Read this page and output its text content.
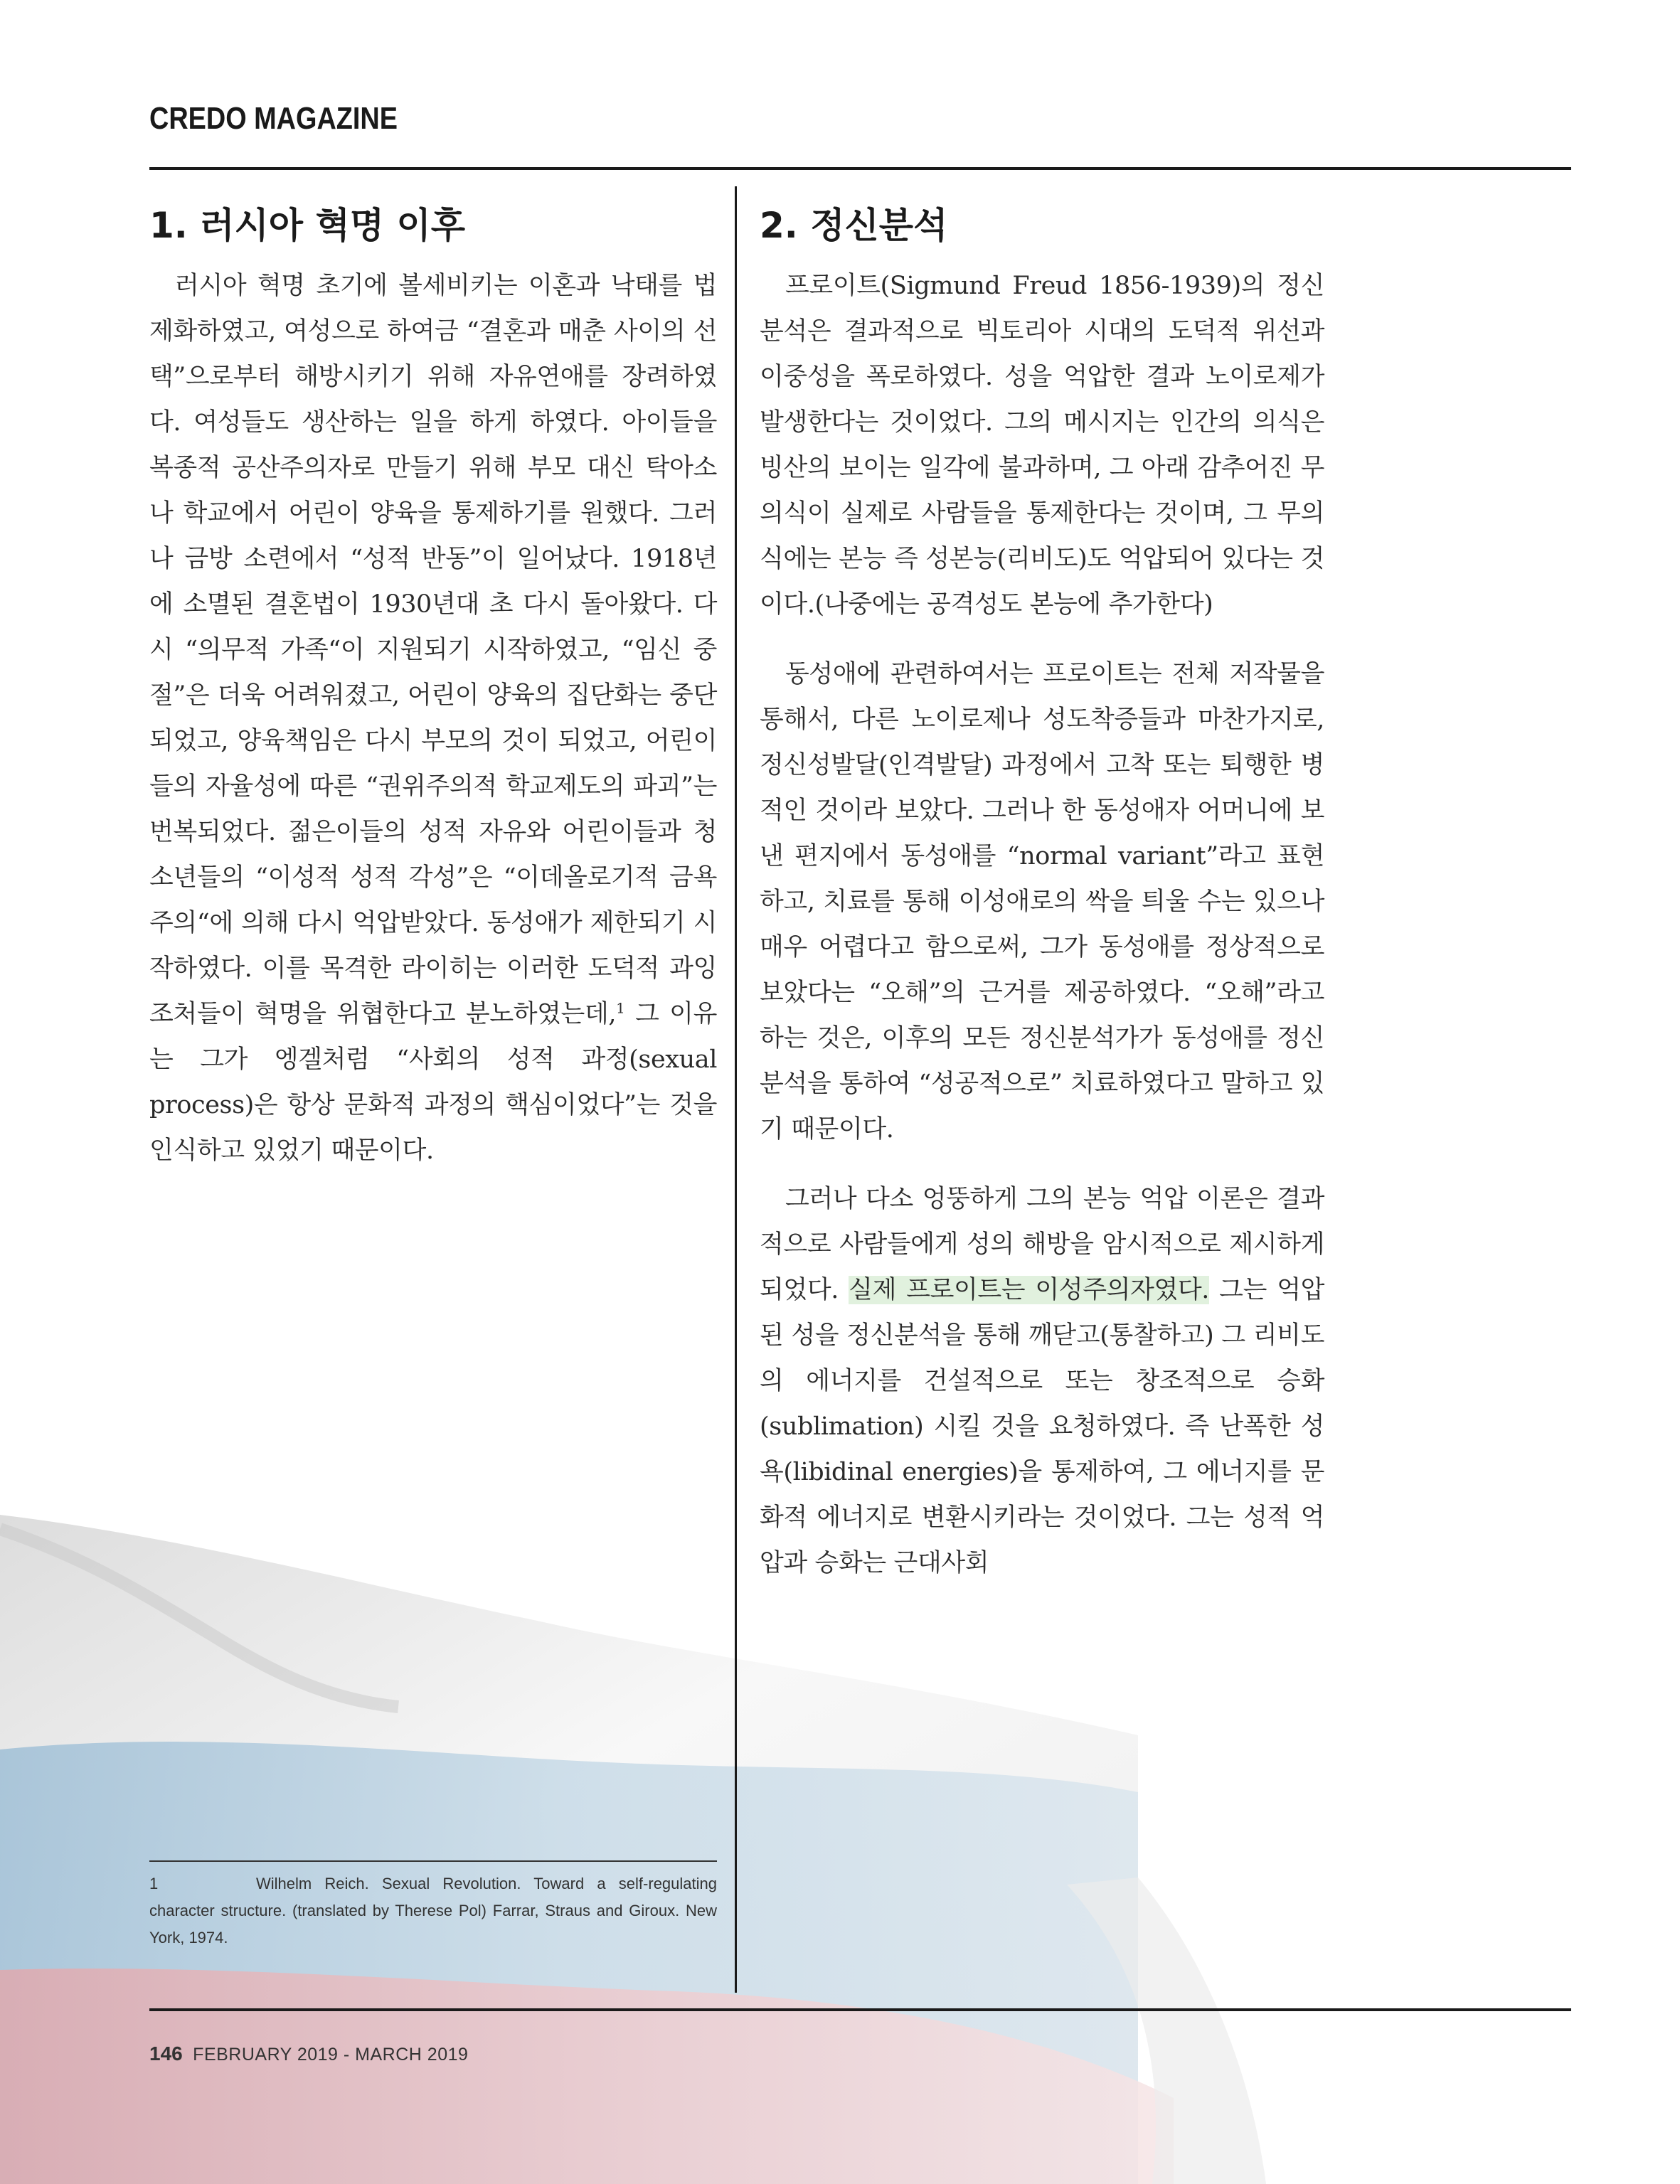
CREDO MAGAZINE
1. 러시아 혁명 이후

러시아 혁명 초기에 볼세비키는 이혼과 낙태를 법제화하였고, 여성으로 하여금 “결혼과 매춘 사이의 선택”으로부터 해방시키기 위해 자유연애를 장려하였다. 여성들도 생산하는 일을 하게 하였다. 아이들을 복종적 공산주의자로 만들기 위해 부모 대신 탁아소나 학교에서 어린이 양육을 통제하기를 원했다. 그러나 금방 소련에서 “성적 반동”이 일어났다. 1918년에 소멸된 결혼법이 1930년대 초 다시 돌아왔다. 다시 “의무적 가족“이 지원되기 시작하였고, “임신 중절”은 더욱 어려워졌고, 어린이 양육의 집단화는 중단되었고, 양육책임은 다시 부모의 것이 되었고, 어린이들의 자율성에 따른 “권위주의적 학교제도의 파괴”는 번복되었다. 젊은이들의 성적 자유와 어린이들과 청소년들의 “이성적 성적 각성”은 “이데올로기적 금욕주의“에 의해 다시 억압받았다. 동성애가 제한되기 시작하였다. 이를 목격한 라이히는 이러한 도덕적 과잉 조처들이 혁명을 위협한다고 분노하였는데,$^1$ 그 이유는 그가 엥겔처럼 “사회의 성적 과정(sexual process)은 항상 문화적 과정의 핵심이었다”는 것을 인식하고 있었기 때문이다.

2. 정신분석

프로이트(Sigmund Freud 1856-1939)의 정신분석은 결과적으로 빅토리아 시대의 도덕적 위선과 이중성을 폭로하였다. 성을 억압한 결과 노이로제가 발생한다는 것이었다. 그의 메시지는 인간의 의식은 빙산의 보이는 일각에 불과하며, 그 아래 감추어진 무의식이 실제로 사람들을 통제한다는 것이며, 그 무의식에는 본능 즉 성본능(리비도)도 억압되어 있다는 것이다.(나중에는 공격성도 본능에 추가한다)

동성애에 관련하여서는 프로이트는 전체 저작물을 통해서, 다른 노이로제나 성도착증들과 마찬가지로, 정신성발달(인격발달) 과정에서 고착 또는 퇴행한 병적인 것이라 보았다. 그러나 한 동성애자 어머니에 보낸 편지에서 동성애를 “normal variant”라고 표현하고, 치료를 통해 이성애로의 싹을 틔울 수는 있으나 매우 어렵다고 함으로써, 그가 동성애를 정상적으로 보았다는 “오해”의 근거를 제공하였다. “오해”라고 하는 것은, 이후의 모든 정신분석가가 동성애를 정신분석을 통하여 “성공적으로” 치료하였다고 말하고 있기 때문이다.

그러나 다소 엉뚱하게 그의 본능 억압 이론은 결과적으로 사람들에게 성의 해방을 암시적으로 제시하게 되었다. 실제 프로이트는 이성주의자였다. 그는 억압된 성을 정신분석을 통해 깨닫고(통찰하고) 그 리비도의 에너지를 건설적으로 또는 창조적으로 승화(sublimation) 시킬 것을 요청하였다. 즉 난폭한 성욕(libidinal energies)을 통제하여, 그 에너지를 문화적 에너지로 변환시키라는 것이었다. 그는 성적 억압과 승화는 근대사회

1	Wilhelm Reich. Sexual Revolution. Toward a self-regulating character structure. (translated by Therese Pol) Farrar, Straus and Giroux. New York, 1974.

146 FEBRUARY 2019 - MARCH 2019
